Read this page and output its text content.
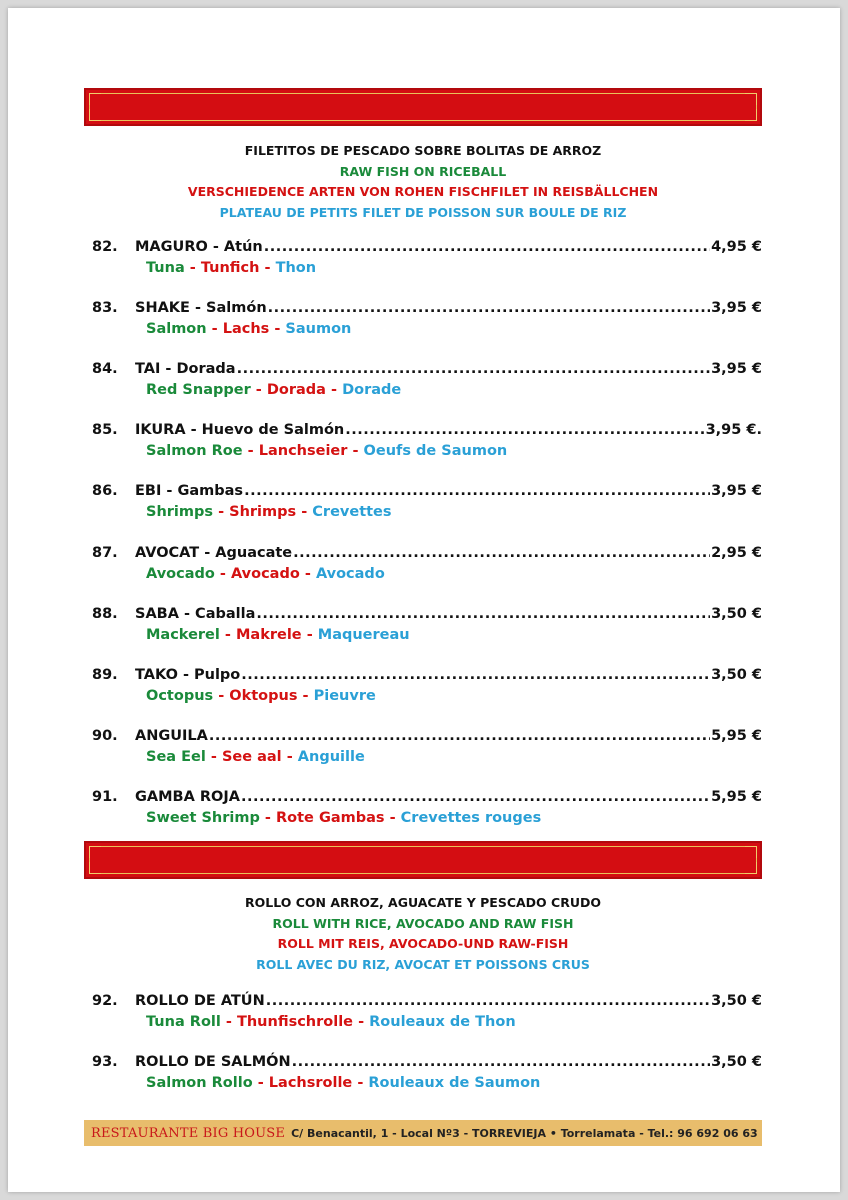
FILETITOS DE PESCADO SOBRE BOLITAS DE ARROZ
RAW FISH ON RICEBALL
VERSCHIEDENCE ARTEN VON ROHEN FISCHFILET IN REISBÄLLCHEN
PLATEAU DE PETITS FILET DE POISSON SUR BOULE DE RIZ
82.	MAGURO - Atún .....	4,95 €
Tuna - Tunfich - Thon
83.	SHAKE - Salmón .....	3,95 €
Salmon - Lachs - Saumon
84.	TAI - Dorada .....	3,95 €
Red Snapper - Dorada - Dorade
85.	IKURA - Huevo de Salmón .....	3,95 €.
Salmon Roe - Lanchseier - Oeufs de Saumon
86.	EBI - Gambas .....	3,95 €
Shrimps - Shrimps - Crevettes
87.	AVOCAT - Aguacate .....	2,95 €
Avocado - Avocado - Avocado
88.	SABA - Caballa .....	3,50 €
Mackerel - Makrele - Maquereau
89.	TAKO - Pulpo .....	3,50 €
Octopus - Oktopus - Pieuvre
90.	ANGUILA .....	5,95 €
Sea Eel - See aal - Anguille
91.	GAMBA ROJA .....	5,95 €
Sweet Shrimp - Rote Gambas - Crevettes rouges
ROLLO CON ARROZ, AGUACATE Y PESCADO CRUDO
ROLL WITH RICE, AVOCADO AND RAW FISH
ROLL MIT REIS, AVOCADO-UND RAW-FISH
ROLL AVEC DU RIZ, AVOCAT ET POISSONS CRUS
92.	ROLLO DE ATÚN .....	3,50 €
Tuna Roll - Thunfischrolle - Rouleaux de Thon
93.	ROLLO DE SALMÓN .....	3,50 €
Salmon Rollo - Lachsrolle - Rouleaux de Saumon
RESTAURANTE BIG HOUSE C/ Benacantil, 1 - Local Nº3 - TORREVIEJA • Torrelamata - Tel.: 96 692 06 63
